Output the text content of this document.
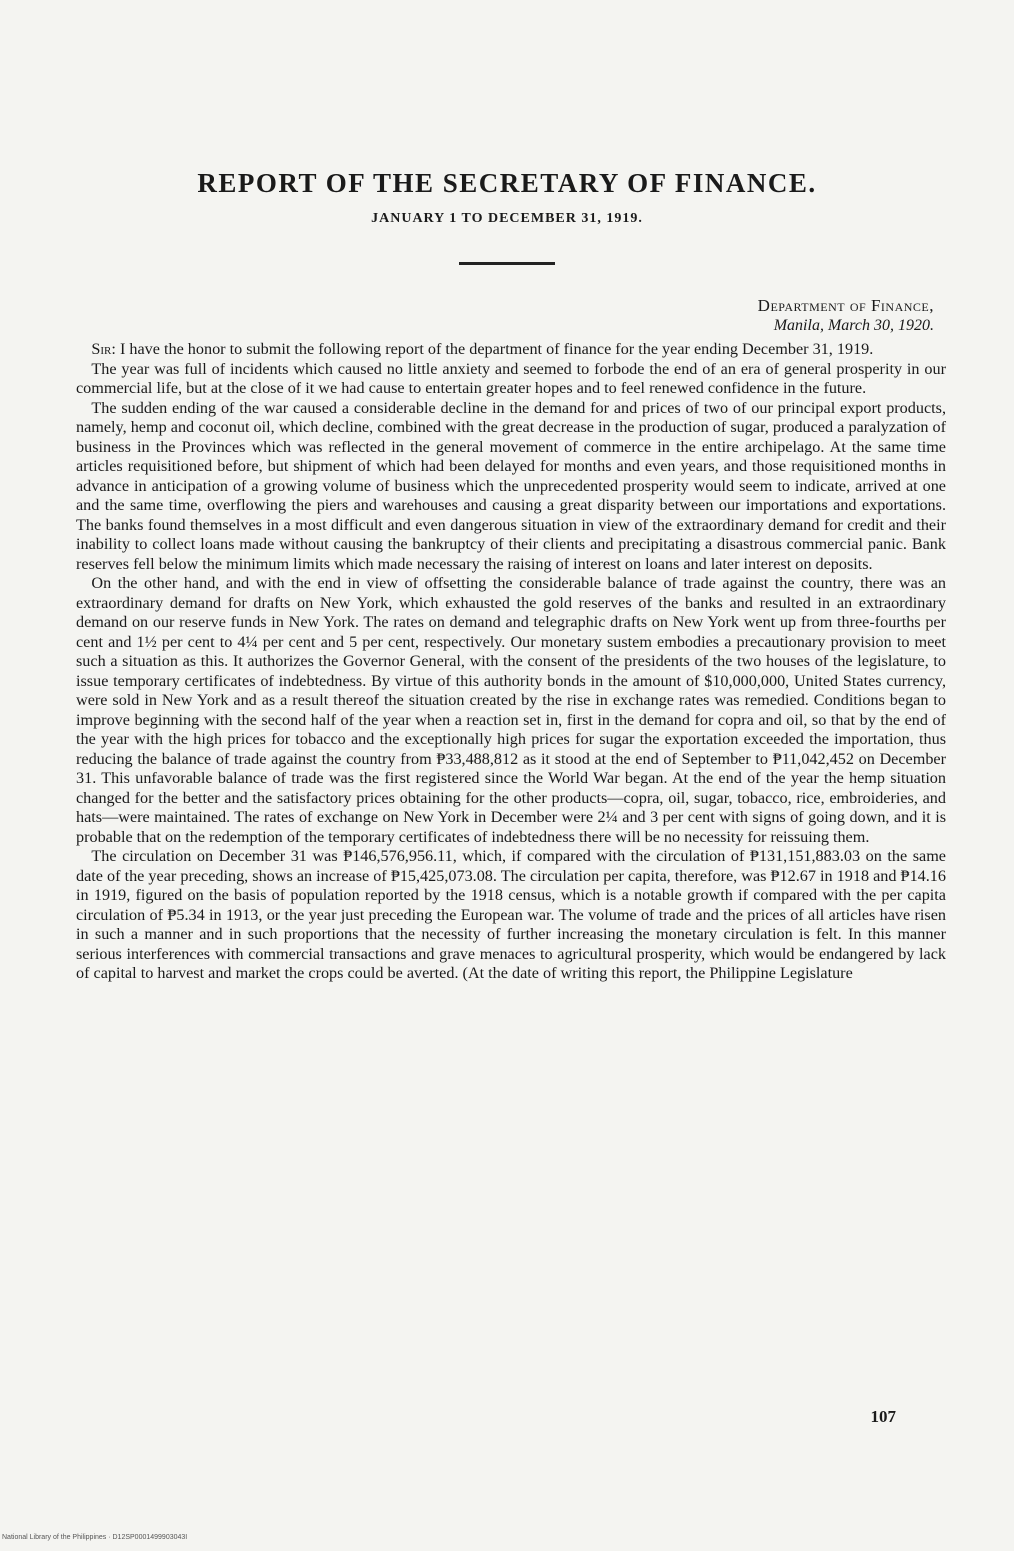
REPORT OF THE SECRETARY OF FINANCE.
JANUARY 1 TO DECEMBER 31, 1919.
Department of Finance,
Manila, March 30, 1920.

Sir: I have the honor to submit the following report of the department of finance for the year ending December 31, 1919.

The year was full of incidents which caused no little anxiety and seemed to forbode the end of an era of general prosperity in our commercial life, but at the close of it we had cause to entertain greater hopes and to feel renewed confidence in the future.

The sudden ending of the war caused a considerable decline in the demand for and prices of two of our principal export products, namely, hemp and coconut oil, which decline, combined with the great decrease in the production of sugar, produced a paralyzation of business in the Provinces which was reflected in the general movement of commerce in the entire archipelago. At the same time articles requisitioned before, but shipment of which had been delayed for months and even years, and those requisitioned months in advance in anticipation of a growing volume of business which the unprecedented prosperity would seem to indicate, arrived at one and the same time, overflowing the piers and warehouses and causing a great disparity between our importations and exportations. The banks found themselves in a most difficult and even dangerous situation in view of the extraordinary demand for credit and their inability to collect loans made without causing the bankruptcy of their clients and precipitating a disastrous commercial panic. Bank reserves fell below the minimum limits which made necessary the raising of interest on loans and later interest on deposits.

On the other hand, and with the end in view of offsetting the considerable balance of trade against the country, there was an extraordinary demand for drafts on New York, which exhausted the gold reserves of the banks and resulted in an extraordinary demand on our reserve funds in New York. The rates on demand and telegraphic drafts on New York went up from three-fourths per cent and 1½ per cent to 4¼ per cent and 5 per cent, respectively. Our monetary sustem embodies a precautionary provision to meet such a situation as this. It authorizes the Governor General, with the consent of the presidents of the two houses of the legislature, to issue temporary certificates of indebtedness. By virtue of this authority bonds in the amount of $10,000,000, United States currency, were sold in New York and as a result thereof the situation created by the rise in exchange rates was remedied. Conditions began to improve beginning with the second half of the year when a reaction set in, first in the demand for copra and oil, so that by the end of the year with the high prices for tobacco and the exceptionally high prices for sugar the exportation exceeded the importation, thus reducing the balance of trade against the country from ₱33,488,812 as it stood at the end of September to ₱11,042,452 on December 31. This unfavorable balance of trade was the first registered since the World War began. At the end of the year the hemp situation changed for the better and the satisfactory prices obtaining for the other products—copra, oil, sugar, tobacco, rice, embroideries, and hats—were maintained. The rates of exchange on New York in December were 2¼ and 3 per cent with signs of going down, and it is probable that on the redemption of the temporary certificates of indebtedness there will be no necessity for reissuing them.

The circulation on December 31 was ₱146,576,956.11, which, if compared with the circulation of ₱131,151,883.03 on the same date of the year preceding, shows an increase of ₱15,425,073.08. The circulation per capita, therefore, was ₱12.67 in 1918 and ₱14.16 in 1919, figured on the basis of population reported by the 1918 census, which is a notable growth if compared with the per capita circulation of ₱5.34 in 1913, or the year just preceding the European war. The volume of trade and the prices of all articles have risen in such a manner and in such proportions that the necessity of further increasing the monetary circulation is felt. In this manner serious interferences with commercial transactions and grave menaces to agricultural prosperity, which would be endangered by lack of capital to harvest and market the crops could be averted. (At the date of writing this report, the Philippine Legislature

107
National Library of the Philippines · D12SP0001499903043I
